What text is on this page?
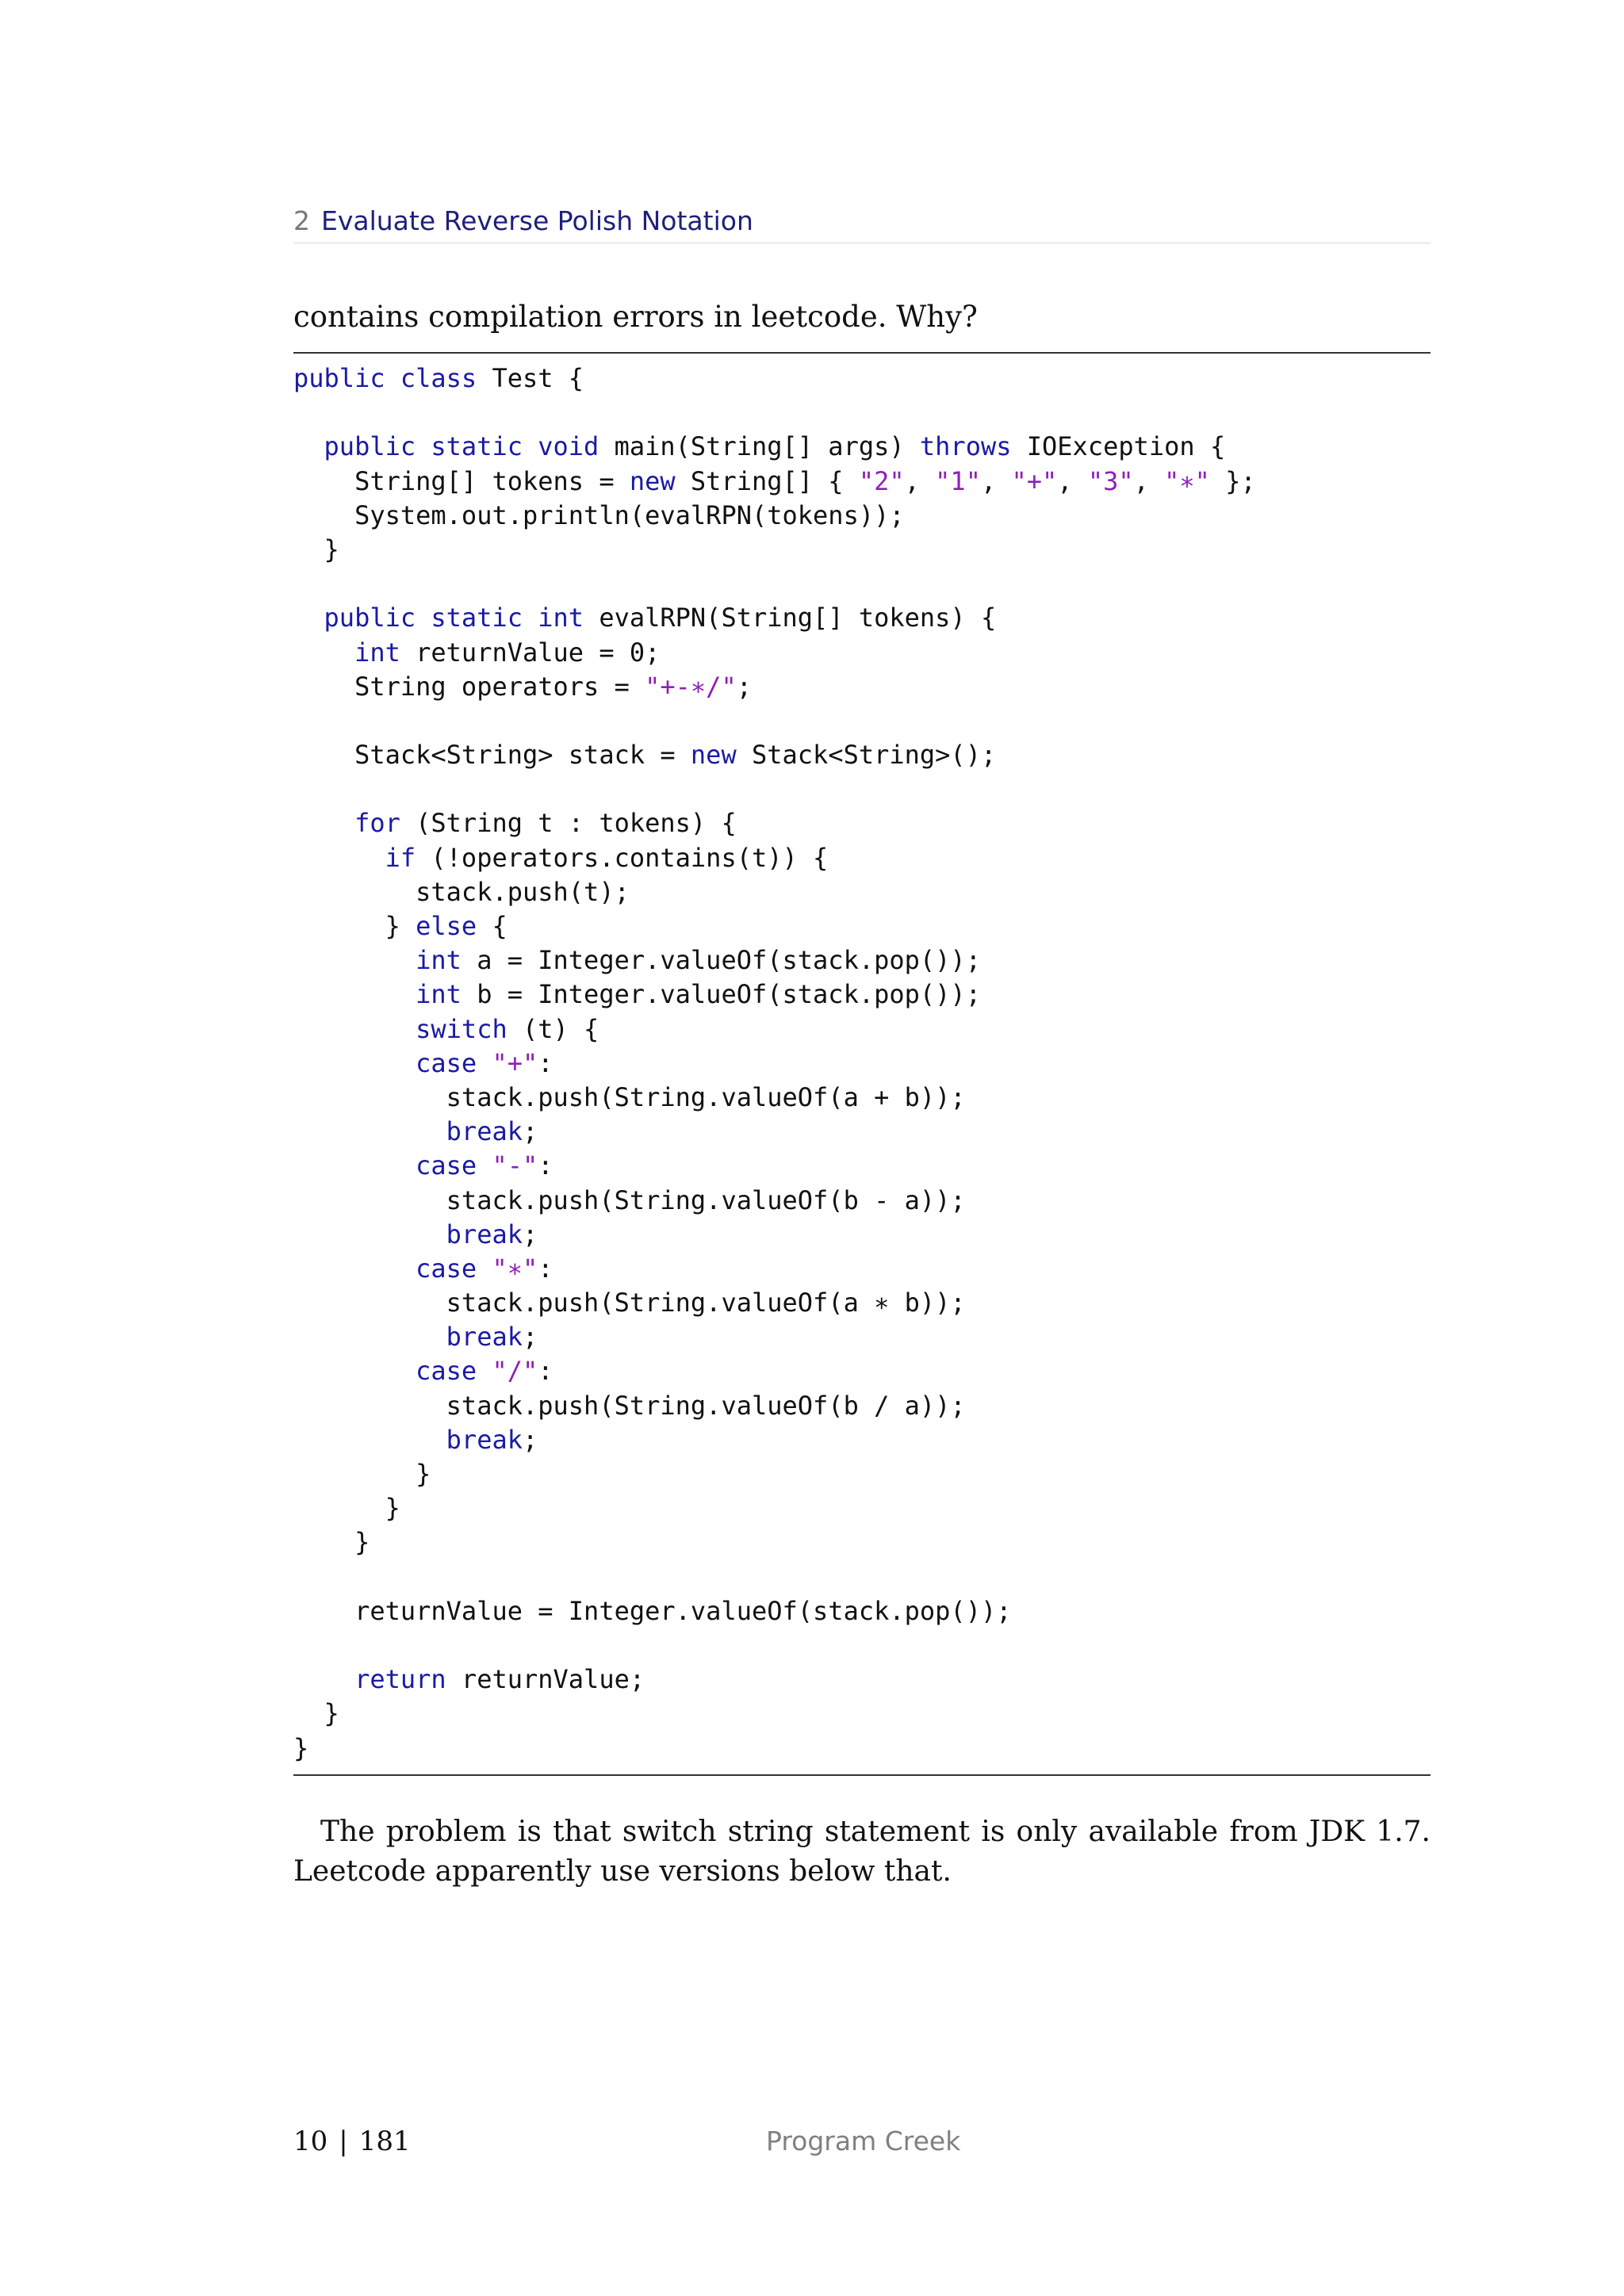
2 Evaluate Reverse Polish Notation

contains compilation errors in leetcode. Why?

public class Test {
public static void main(String[] args) throws IOException {
String[] tokens = new String[] { "2", "1", "+", "3", "∗" };
System.out.println(evalRPN(tokens));
}
public static int evalRPN(String[] tokens) {
int returnValue = 0;
String operators = "+-∗/";
Stack<String> stack = new Stack<String>();
for (String t : tokens) {
if (!operators.contains(t)) {
stack.push(t);
} else {
int a = Integer.valueOf(stack.pop());
int b = Integer.valueOf(stack.pop());
switch (t) {
case "+":
stack.push(String.valueOf(a + b));
break;
case "-":
stack.push(String.valueOf(b - a));
break;
case "∗":
stack.push(String.valueOf(a ∗ b));
break;
case "/":
stack.push(String.valueOf(b / a));
break;
}
}
}
returnValue = Integer.valueOf(stack.pop());
return returnValue;
}
}

The problem is that switch string statement is only available from JDK 1.7. Leetcode apparently use versions below that.

10 | 181	Program Creek
